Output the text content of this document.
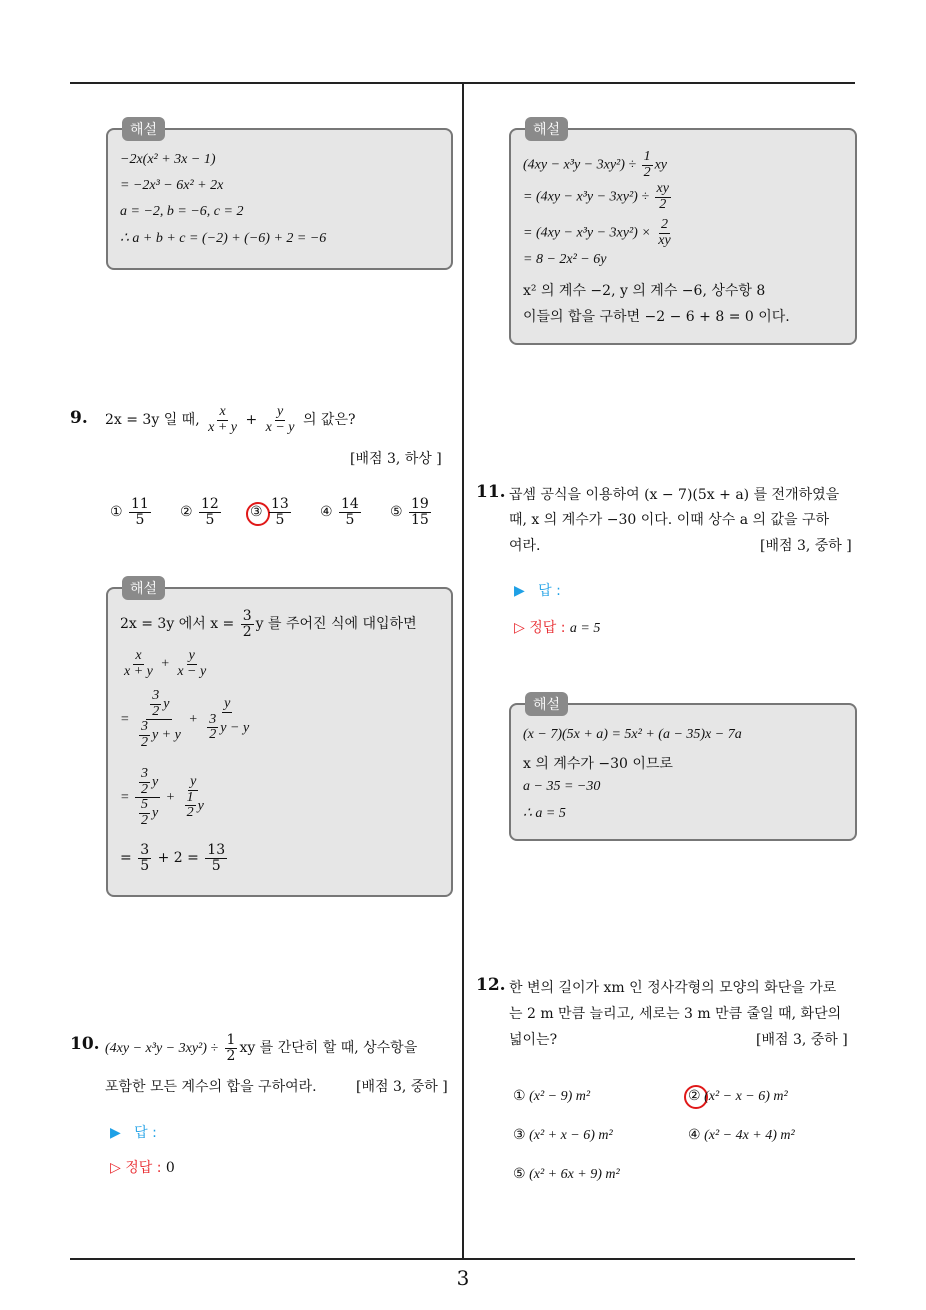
해설
−2x(x² + 3x − 1)
= −2x³ − 6x² + 2x
a = −2, b = −6, c = 2
∴ a + b + c = (−2) + (−6) + 2 = −6
9. 2x = 3y 일 때, $\frac{x}{x + y} + \frac{y}{x - y}$ 의 값은?
[배점 3, 하상 ]
① $\frac{11}{5}$ ② $\frac{12}{5}$ ③ $\frac{13}{5}$ ④ $\frac{14}{5}$ ⑤ $\frac{19}{15}$
해설
2x = 3y 에서 $x = \frac{3}{2}$ y 를 주어진 식에 대입하면
$\frac{x}{x + y} + \frac{y}{x - y}$
= $\frac{\frac{3}{2} y}{\frac{3}{2} y + y} + \frac{y}{\frac{3}{2} y - y}$
= $\frac{\frac{3}{2} y}{\frac{5}{2} y} + \frac{y}{\frac{1}{2} y}$
= $\frac{3}{5} + 2 = \frac{13}{5}$
10. $(4xy - x^3y - 3xy^2) \div \frac{1}{2}$ xy 를 간단히 할 때, 상수항을
포함한 모든 계수의 합을 구하여라.	[배점 3, 중하 ]
▶ 답 :
▷ 정답 : 0
해설
$(4xy - x^3y - 3xy^2) \div \frac{1}{2}$ xy
= $(4xy - x^3y - 3xy^2) \div \frac{xy}{2}$
= $(4xy - x^3y - 3xy^2) \times \frac{2}{xy}$
= 8 − 2x² − 6y
x² 의 계수 −2, y 의 계수 −6, 상수항 8
이들의 합을 구하면 −2 − 6 + 8 = 0 이다.
11. 곱셈 공식을 이용하여 (x − 7)(5x + a) 를 전개하였을
때, x 의 계수가 −30 이다. 이때 상수 a 의 값을 구하
여라.	[배점 3, 중하 ]
▶ 답 :
▷ 정답 : a = 5
해설
(x − 7)(5x + a) = 5x² + (a − 35)x − 7a
x 의 계수가 −30 이므로
a − 35 = −30
∴ a = 5
12. 한 변의 길이가 xm 인 정사각형의 모양의 화단을 가로
는 2 m 만큼 늘리고, 세로는 3 m 만큼 줄일 때, 화단의
넓이는?	[배점 3, 중하 ]
① (x² − 9) m²	② (x² − x − 6) m²
③ (x² + x − 6) m²	④ (x² − 4x + 4) m²
⑤ (x² + 6x + 9) m²
3
